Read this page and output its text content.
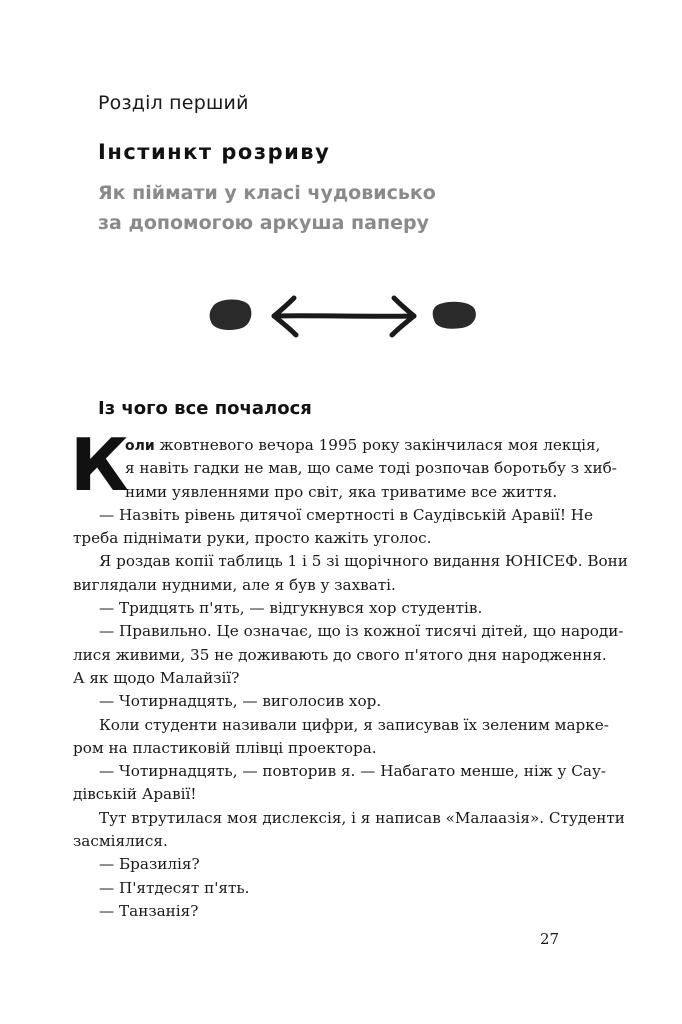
Розділ перший
Інстинкт розриву
Як піймати у класі чудовисько
за допомогою аркуша паперу
Із чого все почалося
К
оли жовтневого вечора 1995 року закінчилася моя лекція,
я навіть гадки не мав, що саме тоді розпочав боротьбу з хиб-
ними уявленнями про світ, яка триватиме все життя.
— Назвіть рівень дитячої смертності в Саудівській Аравії! Не
треба піднімати руки, просто кажіть уголос.
Я роздав копії таблиць 1 і 5 зі щорічного видання ЮНІСЕФ. Вони
виглядали нудними, але я був у захваті.
— Тридцять п'ять, — відгукнувся хор студентів.
— Правильно. Це означає, що із кожної тисячі дітей, що народи-
лися живими, 35 не доживають до свого п'ятого дня народження.
А як щодо Малайзії?
— Чотирнадцять, — виголосив хор.
Коли студенти називали цифри, я записував їх зеленим марке-
ром на пластиковій плівці проектора.
— Чотирнадцять, — повторив я. — Набагато менше, ніж у Сау-
дівській Аравії!
Тут втрутилася моя дислексія, і я написав «Малаазія». Студенти
засміялися.
— Бразилія?
— П'ятдесят п'ять.
— Танзанія?
27
